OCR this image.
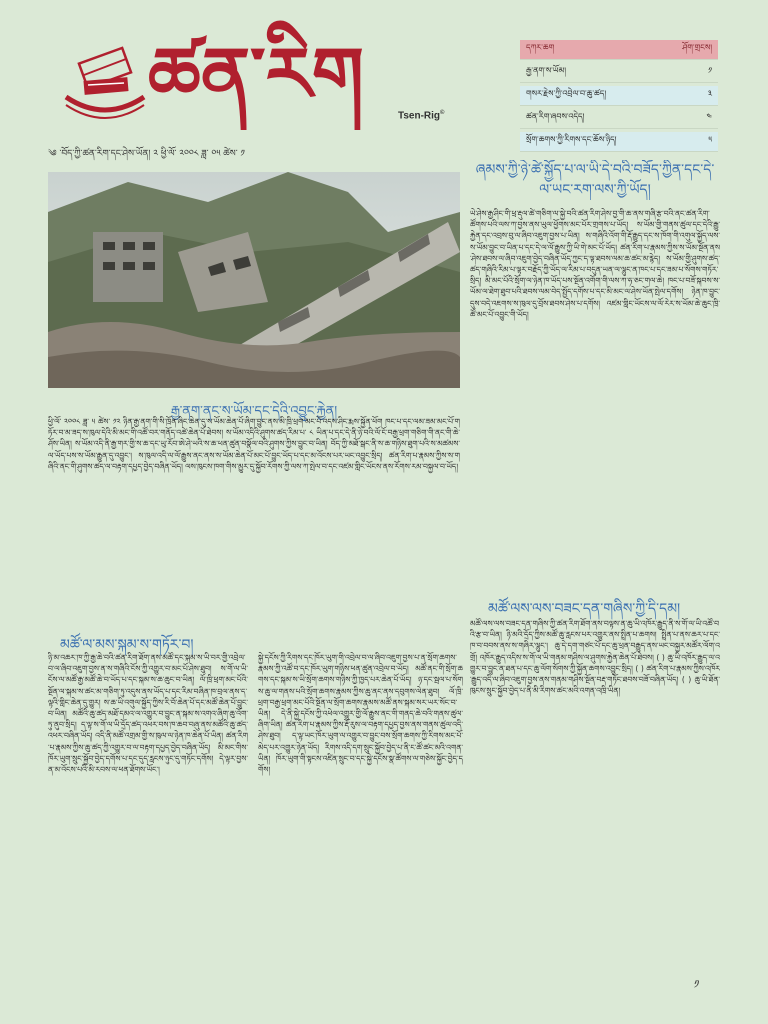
ཚན་རིག	Tsen-Rig©
༄ ་བོད་ཀྱི་ཚན་རིག་དང་ཤེས་ཡོན། ༢ ཕྱི་ལོ་ ༢༠༠༨ ཟླ་ ༠༥ ཚེས་ ༡
དཀར་ཆག	ཤོག་གྲངས།
རྒྱ་ནག་ས་ཡོམ།	༡
གསར་རྗེས་ཀྱི་འབྲེལ་བ་ཆུ་ཚད།	༣
ཚན་རིག་ཞབས་འདེད།	༤
སྲོག་ཆགས་ཀྱི་རིགས་དང་ཆོས་ཉིད།	༥
རྒྱ་ནག་ནང་ས་ཡོམ་དང་དེའི་འབྱུང་རྐྱེན།
ཞམས་ཀྱི་ཉེ་ཚེ་སྐྱོད་པ་ལ་ཡི་དེ་བའི་བཟོད་ཀྱིན་དང་དེ་ལ་ཡང་རག་ལས་ཀྱི་ཡོད།
ཡེ་ཤེས་རྒྱ་ཤིང་གི་ཕྲ་རྡུལ་ཚེ་གཅིག་ལ་སྐྱེ་བའི་ཚན་རིག་ཤེས་བྱ་གི་ཆ་ནས་གཞི་རྩ་བའི་ནང་ཚན་རིག་ཚོགས་པའི་ལས་ཀ་བྱས་ནས་ཡུལ་ཕྱོགས་མང་པོར་གྲགས་པ་ཡོད། ས་ཡོམ་གྱི་གནས་ཚུལ་དང་དེའི་རྒྱུ་རྐྱེན་དང་འབྲས་བུ་ལ་ཞིབ་འཇུག་བྱས་པ་ཡིན། ས་གཞིའི་འོག་གི་རྡོ་རྒྱུད་དང་ས་ཁོག་གི་འགུལ་སྐྱོད་ལས་ས་ཡོམ་བྱུང་བ་ཡིན་པ་དང་དེ་ལ་ལོ་རྒྱུས་ཀྱི་ཡི་གེ་མང་པོ་ཡོད། ཚན་རིག་པ་རྣམས་ཀྱིས་ས་ཡོམ་སྔོན་ནས་ཤེས་ཐབས་ལ་ཞིབ་འཇུག་བྱེད་བཞིན་ཡོད་ཀྱང་ད་ལྟ་ཐབས་ལམ་ཆ་ཚང་མ་རྙེད། ས་ཡོམ་གྱི་ཤུགས་ཚད་ཚད་གཞིའི་རིམ་པ་ལྟར་བརྗོད་ཀྱི་ཡོད་ལ་རིམ་པ་བདུན་ཡན་ལ་ལྷུང་ན་ཁང་པ་དང་ཟམ་པ་སོགས་གཏོར་སྲིད། མི་མང་པོའི་སྲོག་ལ་ཉེན་ཁ་ཡོད་པས་སྔོན་འགོག་གི་ལས་ཀ་ཧ་ཅང་གལ་ཆེ། ཁང་པ་བཟོ་སྐབས་ས་ཡོམ་ལ་ཐེག་ཐུབ་པའི་ཐབས་ལམ་བེད་སྤྱོད་དགོས་པ་དང་མི་མང་ལ་ཤེས་ཡོན་སྤེལ་དགོས། ཉེན་ཁ་བྱུང་དུས་བདེ་འཇགས་ས་ཁུལ་དུ་བྲོས་ཐབས་ཤེས་པ་དགོས། འཛམ་གླིང་ཡོངས་ལ་ལོ་རེར་ས་ཡོམ་ཆེ་ཆུང་ཁྲི་ཚོ་མང་པོ་འབྱུང་གི་ཡོད།
ཕྱི་ལོ་ ༢༠༠༨ ཟླ་ ༥ ཚེས་ ༡༢ ཉིན་རྒྱ་ནག་གི་སི་ཁྲོན་ཞིང་ཆེན་དུ་ས་ཡོམ་ཆེན་པོ་ཞིག་བྱུང་ནས་མི་ཁྲི་ཕྲག་མང་པོ་འདས་ཤིང་རྨས་སྐྱོན་ཕོག ཁང་པ་དང་ལམ་ཟམ་མང་པོ་གཏོར་བ་མ་ཟད་ས་ཁུལ་དེའི་མི་མང་གི་འཚོ་བར་གནོད་འཚེ་ཆེན་པོ་ཐེབས། ས་ཡོམ་འདིའི་ཤུགས་ཚད་རིམ་པ་ ༨ ཡིན་པ་དང་དེ་ནི་ཉེ་བའི་ལོ་ངོ་བརྒྱ་ཕྲག་གཅིག་གི་ནང་གི་ཆེ་ཤོས་ཡིན། ས་ཡོམ་འདི་ནི་རྒྱ་གར་གྱི་ས་ཆ་དང་ཡུ་རོབ་ཨེ་ཤེ་ཡའི་ས་ཆ་ཕན་ཚུན་བསྣོལ་བའི་ཤུགས་ཀྱིས་བྱུང་བ་ཡིན། བོད་ཀྱི་མཐོ་སྒང་ནི་ས་ཆ་གཉིས་ཐུག་པའི་ས་མཚམས་ལ་ཡོད་པས་ས་ཡོམ་རྒྱུན་དུ་འབྱུང་། ས་ཁུལ་འདི་ལ་ལོ་རྒྱུས་ནང་ནས་ས་ཡོམ་ཆེན་པོ་མང་པོ་བྱུང་ཡོད་པ་དང་མ་འོངས་པར་ཡང་འབྱུང་སྲིད། ཚན་རིག་པ་རྣམས་ཀྱིས་ས་གཞིའི་ནང་གི་ཤུགས་ཚད་ལ་བརྟག་དཔྱད་བྱེད་བཞིན་ཡོད། ལས་ཁུངས་ཁག་གིས་མྱུར་དུ་སྐྱོབ་རོགས་ཀྱི་ལས་ཀ་སྤེལ་བ་དང་འཛམ་གླིང་ཡོངས་ནས་རོགས་རམ་བསྐྱལ་བ་ཡོད།
མཚོ་ལ་མས་སྐམ་ས་གཏོར་བ།
མཚོ་ལས་ལས་བཟང་དན་གཞིས་ཀྱི་དི་དམ།
ཉི་མ་འཆར་ཁ་ཀྱི་རྒྱ་ཆེ་བའི་ཚན་རིག་ཐོག་ནས་མཚོ་དང་སྐམ་ས་ཡི་བར་གྱི་འབྲེལ་བ་ལ་ཞིབ་འཇུག་བྱས་ན་ས་གཞིའི་ངོས་ཀྱི་འགྱུར་བ་མང་པོ་ཤེས་ཐུབ། ས་གོ་ལ་ཡི་ངོས་ལ་མཚོ་རྒྱ་མཚོ་ཆེ་བ་ཡོད་པ་དང་སྐམ་ས་ཆ་ཆུང་བ་ཡིན། ལོ་ཁྲི་ཕྲག་མང་པོའི་སྔོན་ལ་སྐམ་ས་ཚང་མ་གཅིག་ཏུ་འདུས་ནས་ཡོད་པ་དང་རིམ་བཞིན་ཁ་བྲལ་ནས་ད་ལྟའི་གླིང་ཆེན་དུ་གྱུར། ས་ཆ་ཡི་འགུལ་སྐྱོད་ཀྱིས་རི་བོ་ཆེན་པོ་དང་མཚོ་ཆེན་པོ་བྱུང་བ་ཡིན། མཚོའི་ཆུ་ཚད་མཐོ་དམའ་ལ་འགྱུར་བ་བྱུང་ན་སྐམ་ས་འགའ་ཞིག་ཆུ་འོག་ཏུ་ནུབ་སྲིད། ད་ལྟ་ས་གོ་ལ་ཡི་དྲོད་ཚད་འཕར་བས་ཁ་ཆབ་བཞུ་ནས་མཚོའི་ཆུ་ཚད་འཕར་བཞིན་ཡོད། འདི་ནི་མཚོ་འགྲམ་གྱི་ས་ཁུལ་ལ་ཉེན་ཁ་ཆེན་པོ་ཡིན། ཚན་རིག་པ་རྣམས་ཀྱིས་ཆུ་ཚད་ཀྱི་འགྱུར་བ་ལ་བརྟག་དཔྱད་བྱེད་བཞིན་ཡོད། མི་མང་གིས་ཁོར་ཡུག་སྲུང་སྐྱོབ་བྱེད་དགོས་པ་དང་དུད་རླངས་ཉུང་དུ་གཏོང་དགོས། དེ་ལྟར་བྱས་ན་མ་འོངས་པའི་མི་རབས་ལ་ཕན་ཐོགས་ཡོང་།
སྐྱེ་དངོས་ཀྱི་རིགས་དང་ཁོར་ཡུག་གི་འབྲེལ་བ་ལ་ཞིབ་འཇུག་བྱས་པ་ན་སྲོག་ཆགས་རྣམས་ཀྱི་འཚོ་བ་དང་ཁོར་ཡུག་གཉིས་ཕན་ཚུན་འབྲེལ་བ་ཡོད། མཚོ་ནང་གི་སྲོག་ཆགས་དང་སྐམ་ས་ཡི་སྲོག་ཆགས་གཉིས་ཀྱི་ཁྱད་པར་ཆེན་པོ་ཡོད། ཉ་དང་སྦལ་པ་སོགས་ཆུ་ལ་གནས་པའི་སྲོག་ཆགས་རྣམས་ཀྱིས་ཆུ་ནང་ནས་དབུགས་ལེན་ཐུབ། ལོ་ཁྲི་ཕྲག་བརྒྱ་ཕྲག་མང་པོའི་སྔོན་ལ་སྲོག་ཆགས་རྣམས་མཚོ་ནས་སྐམ་སར་ཡར་སོང་བ་ཡིན། དེ་ནི་སྐྱེ་དངོས་ཀྱི་འཕེལ་འགྱུར་གྱི་ལོ་རྒྱུས་ནང་གི་གནད་ཆེ་བའི་གནས་ཚུལ་ཞིག་ཡིན། ཚན་རིག་པ་རྣམས་ཀྱིས་རྡོ་རུས་ལ་བརྟག་དཔྱད་བྱས་ནས་གནས་ཚུལ་འདི་ཤེས་ཐུབ། ད་ལྟ་ཡང་ཁོར་ཡུག་ལ་འགྱུར་བ་བྱུང་བས་སྲོག་ཆགས་ཀྱི་རིགས་མང་པོ་མེད་པར་འགྱུར་ཉེན་ཡོད། རིགས་འདི་དག་སྲུང་སྐྱོབ་བྱེད་པ་ནི་ང་ཚོ་ཚང་མའི་འགན་ཡིན། ཁོར་ཡུག་གི་སྟངས་འཛིན་སྲུང་བ་དང་སྐྱེ་དངོས་སྣ་ཚོགས་ལ་གཅེས་སྐྱོང་བྱེད་དགོས།
མཚོ་ལས་ལས་བཟང་དན་གཞིས་ཀྱི་ཚན་རིག་ཐོག་ནས་བལྟས་ན་ཆུ་ཡི་འཁོར་རྒྱུད་ནི་ས་གོ་ལ་ཡི་འཚོ་བའི་རྩ་བ་ཡིན། ཉི་མའི་དྲོད་ཀྱིས་མཚོ་ཆུ་རླངས་པར་འགྱུར་ནས་སྤྲིན་པ་ཆགས། སྤྲིན་པ་ནས་ཆར་པ་དང་ཁ་བ་བབས་ནས་ས་གཞིར་ལྷུང་། ཆུ་དེ་དག་གཙང་པོ་དང་ཆུ་ཕྲན་བརྒྱུད་ནས་ཡང་བསྐྱར་མཚོར་ལོག་འགྲོ། འཁོར་རྒྱུད་འདིས་ས་གོ་ལ་ཡི་གནམ་གཤིས་ལ་ཤུགས་རྐྱེན་ཆེན་པོ་ཐེབས། ( ) ཆུ་ཡི་འཁོར་རྒྱུད་ལ་འགྱུར་བ་བྱུང་ན་ཐན་པ་དང་ཆུ་ལོག་སོགས་ཀྱི་སྐྱོན་ཆགས་འབྱུང་སྲིད། ( ) ཚན་རིག་པ་རྣམས་ཀྱིས་འཁོར་རྒྱུད་འདི་ལ་ཞིབ་འཇུག་བྱས་ནས་གནམ་གཤིས་སྔོན་བརྡ་གཏོང་ཐབས་བཟོ་བཞིན་ཡོད། ( ) ཆུ་ཡི་ཐོན་ཁུངས་སྲུང་སྐྱོབ་བྱེད་པ་ནི་མི་རིགས་ཚང་མའི་འགན་འཁྲི་ཡིན།
༡
